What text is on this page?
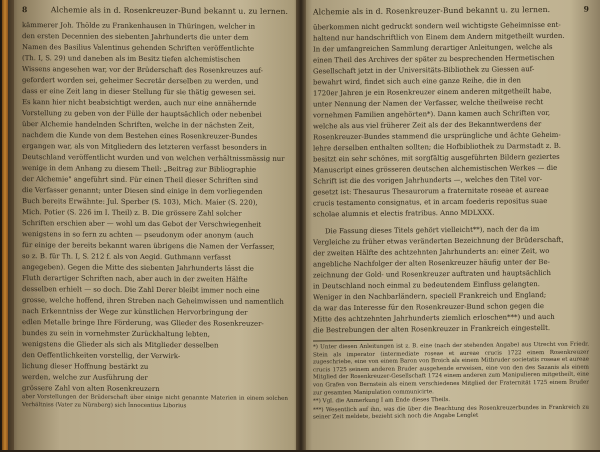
8	Alchemie als in d. Rosenkreuzer-Bund bekannt u. zu lernen.

kämmerer Joh. Thölde zu Frankenhausen in Thüringen, welcher in

den ersten Decennien des siebenten Jahrhunderts die unter dem

Namen des Basilius Valentinus gehenden Schriften veröffentlichte

(Th. I, S. 29) und daneben als im Besitz tiefen alchemistischen

Wissens angesehen war, vor der Brüderschaft des Rosenkreuzes auf-

gefordert worden sei, geheimer Secretär derselben zu werden, und

dass er eine Zeit lang in dieser Stellung für sie thätig gewesen sei.

Es kann hier nicht beabsichtigt werden, auch nur eine annähernde

Vorstellung zu geben von der Fülle der hauptsächlich oder nebenbei

über Alchemie handelnden Schriften, welche in der nächsten Zeit,

nachdem die Kunde von dem Bestehen eines Rosenkreuzer-Bundes

ergangen war, als von Mitgliedern des letzteren verfasst besonders in

Deutschland veröffentlicht wurden und von welchen verhältnissmässig nur

wenige in dem Anhang zu diesem Theil: „Beitrag zur Bibliographie

der Alchemie" angeführt sind. Für einen Theil dieser Schriften sind

die Verfasser genannt; unter Diesen sind einige in dem vorliegenden

Buch bereits Erwähnte: Jul. Sperber (S. 103), Mich. Maier (S. 220),

Mich. Potier (S. 226 im I. Theil) z. B. Die grössere Zahl solcher

Schriften erschien aber — wohl um das Gebot der Verschwiegenheit

wenigstens in so fern zu achten — pseudonym oder anonym (auch

für einige der bereits bekannt waren übrigens die Namen der Verfasser,

so z. B. für Th. I, S. 212 f. als von Aegid. Guthmann verfasst

angegeben). Gegen die Mitte des siebenten Jahrhunderts lässt die

Fluth derartiger Schriften nach, aber auch in der zweiten Hälfte

desselben erhielt — so doch. Die Zahl Derer bleibt immer noch eine

grosse, welche hoffend, ihren Streben nach Geheimwissen und namentlich

nach Erkenntniss der Wege zur künstlichen Hervorbringung der

edlen Metalle bringe Ihre Förderung, was Glieder des Rosenkreuzer-

bundes zu sein in vornehmster Zurückhaltung lebten,

wenigstens die Glieder als sich als Mitglieder desselben

den Oeffentlichkeiten vorstellig, der Verwirk-

lichung dieser Hoffnung bestärkt zu

werden, welche zur Ausführung der

grössere Zahl von alten Rosenkreuzern

aber Vorstellungen der Brüderschaft über einige nicht genannte Materien in einem solchen Verhältniss (Vater zu Nürnberg) sich Innocentius Liborius

Alchemie als in d. Rosenkreuzer-Bund bekannt u. zu lernen.	9

überkommen nicht gedruckt sondern weil wichtigste Geheimnisse ent-

haltend nur handschriftlich von Einem dem Andern mitgetheilt wurden.

In der umfangreichen Sammlung derartiger Anleitungen, welche als

einen Theil des Archives der später zu besprechenden Hermetischen

Gesellschaft jetzt in der Universitäts-Bibliothek zu Giessen auf-

bewahrt wird, findet sich auch eine ganze Reihe, die in den

1720er Jahren je ein Rosenkreuzer einem anderen mitgetheilt habe,

unter Nennung der Namen der Verfasser, welche theilweise recht

vornehmen Familien angehörten*). Dann kamen auch Schriften vor,

welche als aus viel früherer Zeit als der des Bekanntwerdens der

Rosenkreuzer-Bundes stammend die ursprüngliche und ächte Geheim-

lehre derselben enthalten sollten; die Hofbibliothek zu Darmstadt z. B.

besitzt ein sehr schönes, mit sorgfältig ausgeführten Bildern geziertes

Manuscript eines grösseren deutschen alchemistischen Werkes — die

Schrift ist die des vorigen Jahrhunderts —, welches den Titel vor-

gesetzt ist: Thesaurus Thesaurorum a fraternitate roseae et aureae

crucis testamento consignatus, et in arcam foederis repositus suae

scholae alumnis et electis fratribus. Anno MDLXXX.

Die Fassung dieses Titels gehört vielleicht**), nach der da im

Vergleiche zu früher etwas veränderten Bezeichnung der Brüderschaft,

der zweiten Hälfte des achtzehnten Jahrhunderts an: einer Zeit, wo

angebliche Nachfolger der alten Rosenkreuzer häufig unter der Be-

zeichnung der Gold- und Rosenkreuzer auftraten und hauptsächlich

in Deutschland noch einmal zu bedeutendem Einfluss gelangten.

Weniger in den Nachbarländern, speciell Frankreich und England;

da war das Interesse für den Rosenkreuzer-Bund schon gegen die

Mitte des achtzehnten Jahrhunderts ziemlich erloschen***) und auch

die Bestrebungen der alten Rosenkreuzer in Frankreich eingestellt.

*) Unter diesen Anleitungen ist z. B. eine (nach der stehenden Angabe) aus Utrecht von Friedr. Stein als imperator (intermediate roseae et aureae crucis 1722 einem Rosenkreuzer zugeschriebe, eine von einem Baron von Broich als einem Mitbruder societatis roseae et aureae crucis 1725 seinem anderen Bruder ausgehende erweisen, eine von den des Sazanis als einem Mitglied der Rosenkreuzer-Gesellschaft 1724 einem anderen zum Manipulieren mitgetheilt, eine von Grafen von Bernstein als einem verschiedenes Mitglied der Fraternität 1725 einem Bruder zur gesamten Manipulation communicirte.

**) Vgl. die Anmerkung I am Ende dieses Theils.

***) Wesentlich auf ihn, was die über die Beachtung des Rosenkreuzerbundes in Frankreich zu seiner Zeit meldete, bezieht sich noch die Angabe Lenglet
